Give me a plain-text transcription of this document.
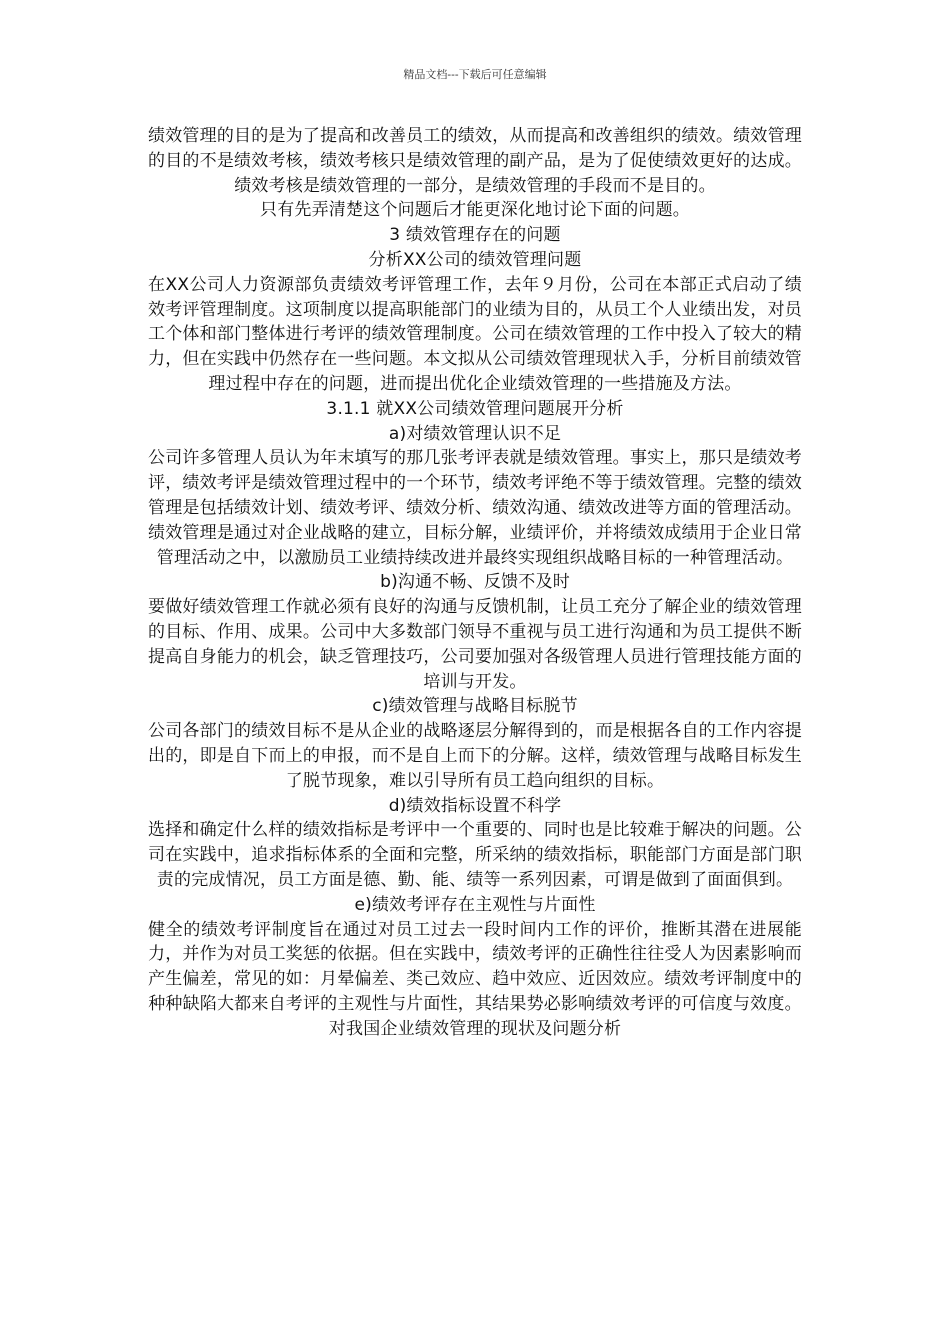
精品文档---下载后可任意编辑

绩效管理的目的是为了提高和改善员工的绩效，从而提高和改善组织的绩效。绩效管理的目的不是绩效考核，绩效考核只是绩效管理的副产品，是为了促使绩效更好的达成。绩效考核是绩效管理的一部分，是绩效管理的手段而不是目的。

只有先弄清楚这个问题后才能更深化地讨论下面的问题。

3 绩效管理存在的问题

分析XX公司的绩效管理问题

在XX公司人力资源部负责绩效考评管理工作，去年９月份，公司在本部正式启动了绩效考评管理制度。这项制度以提高职能部门的业绩为目的，从员工个人业绩出发，对员工个体和部门整体进行考评的绩效管理制度。公司在绩效管理的工作中投入了较大的精力，但在实践中仍然存在一些问题。本文拟从公司绩效管理现状入手，分析目前绩效管理过程中存在的问题，进而提出优化企业绩效管理的一些措施及方法。

3.1.1 就XX公司绩效管理问题展开分析

a)对绩效管理认识不足

公司许多管理人员认为年末填写的那几张考评表就是绩效管理。事实上，那只是绩效考评，绩效考评是绩效管理过程中的一个环节，绩效考评绝不等于绩效管理。完整的绩效管理是包括绩效计划、绩效考评、绩效分析、绩效沟通、绩效改进等方面的管理活动。绩效管理是通过对企业战略的建立，目标分解，业绩评价，并将绩效成绩用于企业日常管理活动之中，以激励员工业绩持续改进并最终实现组织战略目标的一种管理活动。

b)沟通不畅、反馈不及时

要做好绩效管理工作就必须有良好的沟通与反馈机制，让员工充分了解企业的绩效管理的目标、作用、成果。公司中大多数部门领导不重视与员工进行沟通和为员工提供不断提高自身能力的机会，缺乏管理技巧，公司要加强对各级管理人员进行管理技能方面的培训与开发。

c)绩效管理与战略目标脱节

公司各部门的绩效目标不是从企业的战略逐层分解得到的，而是根据各自的工作内容提出的，即是自下而上的申报，而不是自上而下的分解。这样，绩效管理与战略目标发生了脱节现象，难以引导所有员工趋向组织的目标。

d)绩效指标设置不科学

选择和确定什么样的绩效指标是考评中一个重要的、同时也是比较难于解决的问题。公司在实践中，追求指标体系的全面和完整，所采纳的绩效指标，职能部门方面是部门职责的完成情况，员工方面是德、勤、能、绩等一系列因素，可谓是做到了面面俱到。

e)绩效考评存在主观性与片面性

健全的绩效考评制度旨在通过对员工过去一段时间内工作的评价，推断其潜在进展能力，并作为对员工奖惩的依据。但在实践中，绩效考评的正确性往往受人为因素影响而产生偏差，常见的如：月晕偏差、类己效应、趋中效应、近因效应。绩效考评制度中的种种缺陷大都来自考评的主观性与片面性，其结果势必影响绩效考评的可信度与效度。

对我国企业绩效管理的现状及问题分析
